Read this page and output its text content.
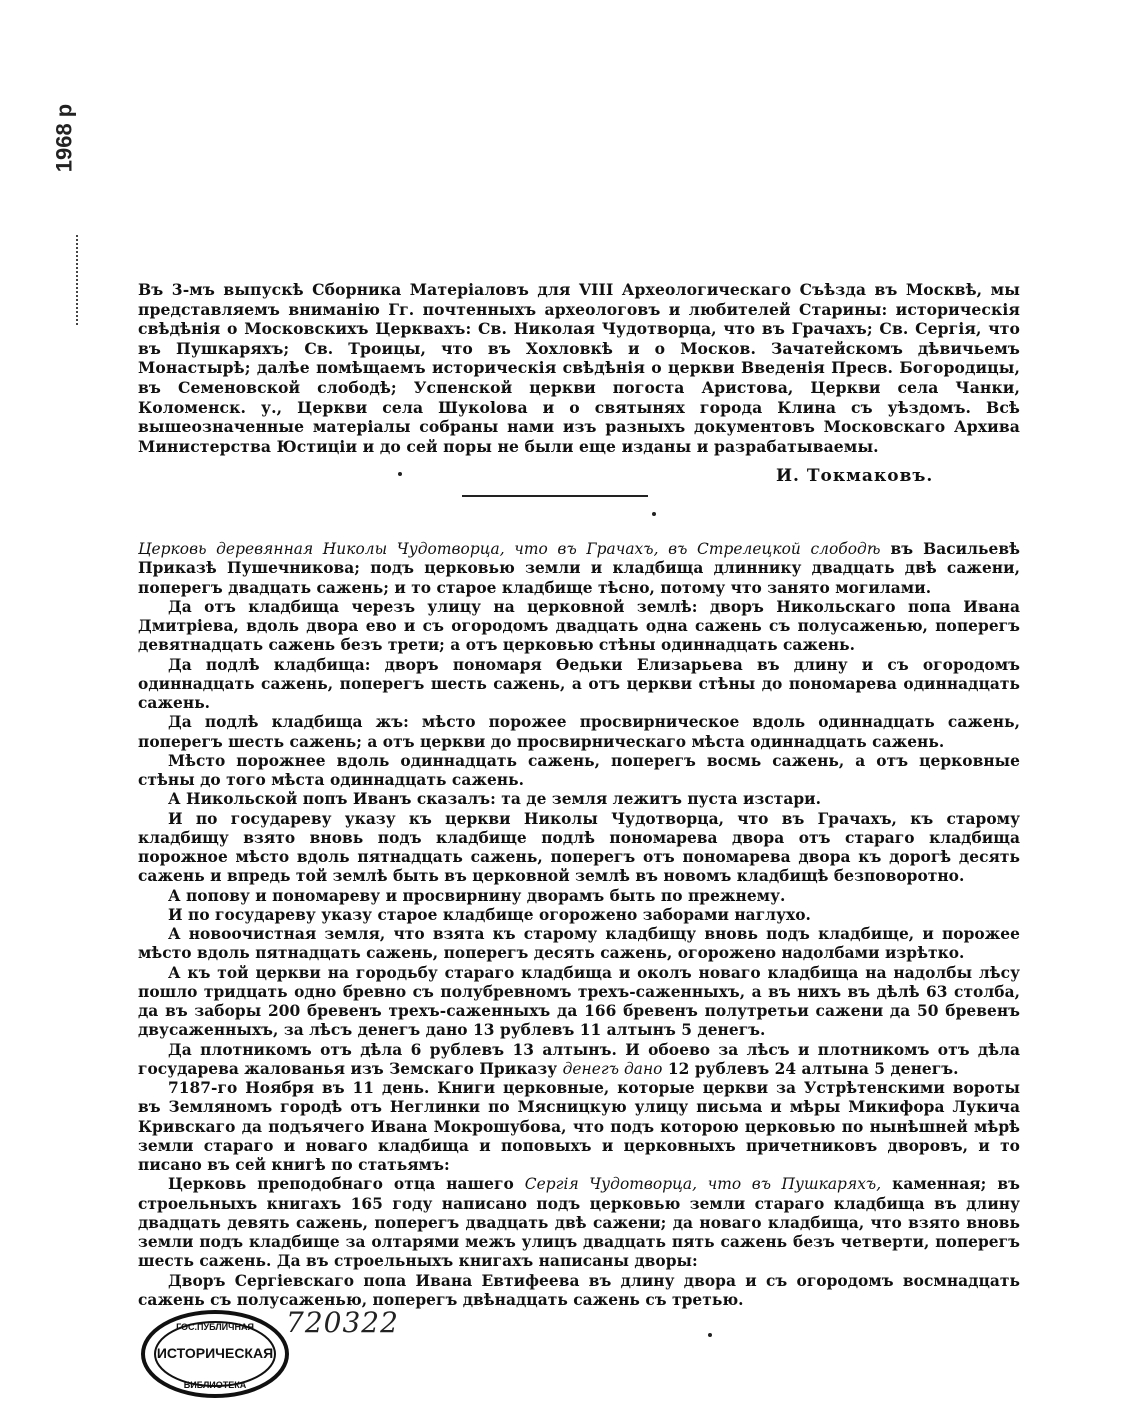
1968 р

Въ 3-мъ выпускѣ Сборника Матеріаловъ для VIII Археологическаго Съѣзда въ Москвѣ, мы представляемъ вниманію Гг. почтенныхъ археологовъ и любителей Старины: историческія свѣдѣнія о Московскихъ Церквахъ: Св. Николая Чудотворца, что въ Грачахъ; Св. Сергія, что въ Пушкаряхъ; Св. Троицы, что въ Хохловкѣ и о Москов. Зачатейскомъ дѣвичьемъ Монастырѣ; далѣе помѣщаемъ историческія свѣдѣнія о церкви Введенія Пресв. Богородицы, въ Семеновской слободѣ; Успенской церкви погоста Аристова, Церкви села Чанки, Коломенск. у., Церкви села Шукolова и о святынях города Клина съ уѣздомъ. Всѣ вышеозначенные матеріалы собраны нами изъ разныхъ документовъ Московскаго Архива Министерства Юстиціи и до сей поры не были еще изданы и разрабатываемы.

И. Токмаковъ.

Церковь деревянная Николы Чудотворца, что въ Грачахъ, въ Стрелецкой слободѣ въ Васильевѣ Приказѣ Пушечникова; подъ церковью земли и кладбища длиннику двадцать двѣ сажени, поперегъ двадцать сажень; и то старое кладбище тѣсно, потому что занято могилами.

Да отъ кладбища черезъ улицу на церковной землѣ: дворъ Никольскаго попа Ивана Дмитріева, вдоль двора ево и съ огородомъ двадцать одна сажень съ полусаженью, поперегъ девятнадцать сажень безъ трети; а отъ церковью стѣны одиннадцать сажень.

Да подлѣ кладбища: дворъ пономаря Ѳедьки Елизарьева въ длину и съ огородомъ одиннадцать сажень, поперегъ шесть сажень, а отъ церкви стѣны до пономарева одиннадцать сажень.

Да подлѣ кладбища жъ: мѣсто порожее просвирническое вдоль одиннадцать сажень, поперегъ шесть сажень; а отъ церкви до просвирническаго мѣста одиннадцать сажень.

Мѣсто порожнее вдоль одиннадцать сажень, поперегъ восмь сажень, а отъ церковные стѣны до того мѣста одиннадцать сажень.

А Никольской попъ Иванъ сказалъ: та де земля лежитъ пуста изстари.

И по государеву указу къ церкви Николы Чудотворца, что въ Грачахъ, къ старому кладбищу взято вновь подъ кладбище подлѣ пономарева двора отъ стараго кладбища порожное мѣсто вдоль пятнадцать сажень, поперегъ отъ пономарева двора къ дорогѣ десять сажень и впредь той землѣ быть въ церковной землѣ въ новомъ кладбищѣ безповоротно.

А попову и пономареву и просвирнину дворамъ быть по прежнему.

И по государеву указу старое кладбище огорожено заборами наглухо.

А новоочистная земля, что взята къ старому кладбищу вновь подъ кладбище, и порожее мѣсто вдоль пятнадцать сажень, поперегъ десять сажень, огорожено надолбами изрѣтко.

А къ той церкви на городьбу стараго кладбища и околъ новаго кладбища на надолбы лѣсу пошло тридцать одно бревно съ полубревномъ трехъ-саженныхъ, а въ нихъ въ дѣлѣ 63 столба, да въ заборы 200 бревенъ трехъ-саженныхъ да 166 бревенъ полутретьи сажени да 50 бревенъ двусаженныхъ, за лѣсъ денегъ дано 13 рублевъ 11 алтынъ 5 денегъ.

Да плотникомъ отъ дѣла 6 рублевъ 13 алтынъ. И обоево за лѣсъ и плотникомъ отъ дѣла государева жалованья изъ Земскаго Приказу денегъ дано 12 рублевъ 24 алтына 5 денегъ.

7187-го Ноября въ 11 день. Книги церковные, которые церкви за Устрѣтенскими вороты въ Земляномъ городѣ отъ Неглинки по Мясницкую улицу письма и мѣры Микифора Лукича Кривскаго да подъячего Ивана Мокрошубова, что подъ которою церковью по нынѣшней мѣрѣ земли стараго и новаго кладбища и поповыхъ и церковныхъ причетниковъ дворовъ, и то писано въ сей книгѣ по статьямъ:

Церковь преподобнаго отца нашего Сергія Чудотворца, что въ Пушкаряхъ, каменная; въ строельныхъ книгахъ 165 году написано подъ церковью земли стараго кладбища въ длину двадцать девять сажень, поперегъ двадцать двѣ сажени; да новаго кладбища, что взято вновь земли подъ кладбище за олтарями межъ улицъ двадцать пять сажень безъ четверти, поперегъ шесть сажень. Да въ строельныхъ книгахъ написаны дворы:

Дворъ Сергіевскаго попа Ивана Евтифеева въ длину двора и съ огородомъ восмнадцать сажень съ полусаженью, поперегъ двѣнадцать сажень съ третью.

ГОС.ПУБЛИЧНАЯ
ИСТОРИЧЕСКАЯ
БИБЛИОТЕКА
720322
